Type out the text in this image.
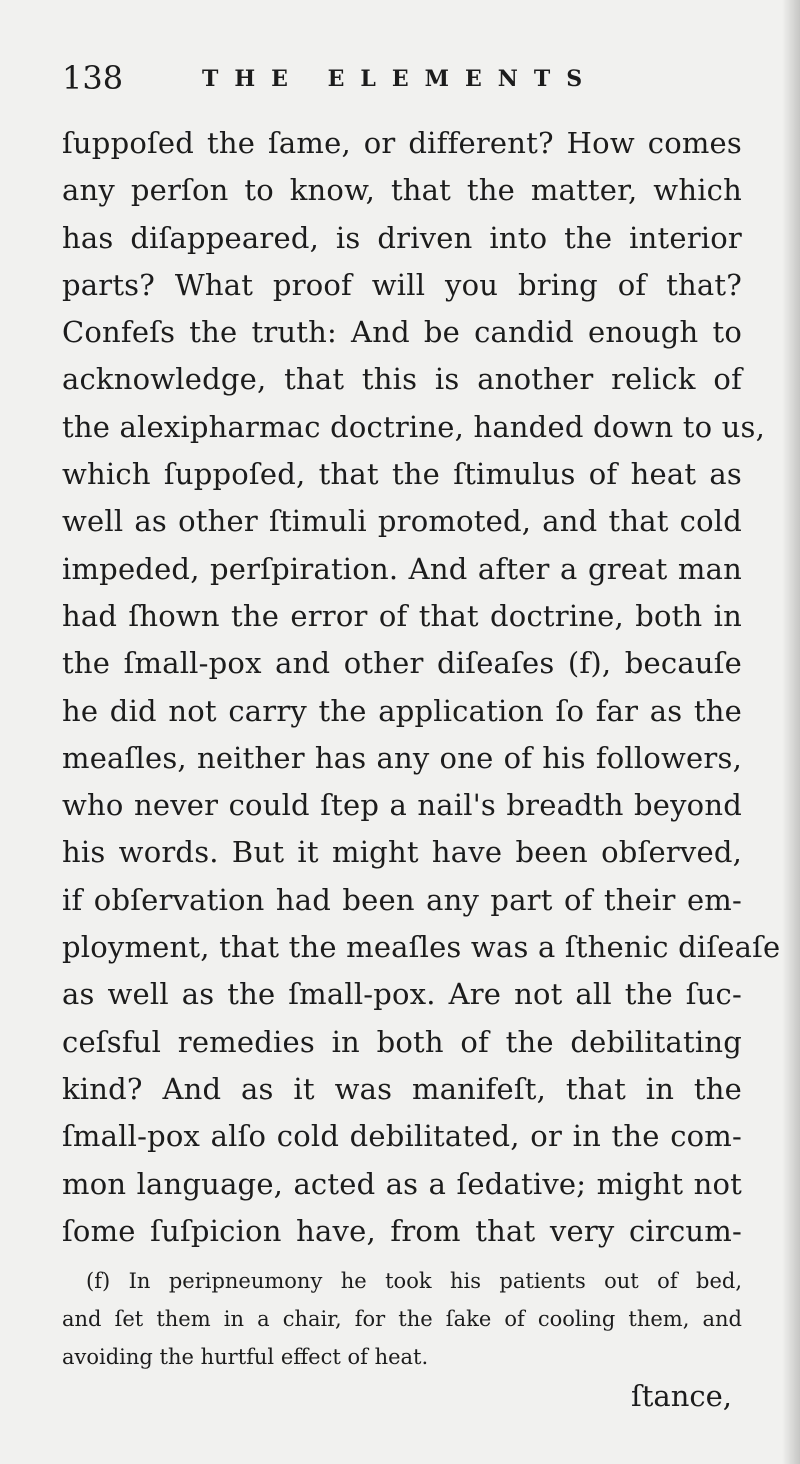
138	THE ELEMENTS
ſuppoſed the ſame, or different? How comes
any perſon to know, that the matter, which
has diſappeared, is driven into the interior
parts? What proof will you bring of that?
Confeſs the truth: And be candid enough to
acknowledge, that this is another relick of
the alexipharmac doctrine, handed down to us,
which ſuppoſed, that the ſtimulus of heat as
well as other ſtimuli promoted, and that cold
impeded, perſpiration. And after a great man
had ſhown the error of that doctrine, both in
the ſmall-pox and other diſeaſes (f), becauſe
he did not carry the application ſo far as the
meaſles, neither has any one of his followers,
who never could ſtep a nail's breadth beyond
his words. But it might have been obſerved,
if obſervation had been any part of their em-
ployment, that the meaſles was a ſthenic diſeaſe
as well as the ſmall-pox. Are not all the ſuc-
ceſsful remedies in both of the debilitating
kind? And as it was manifeſt, that in the
ſmall-pox alſo cold debilitated, or in the com-
mon language, acted as a ſedative; might not
ſome ſuſpicion have, from that very circum-
(f) In peripneumony he took his patients out of bed,
and ſet them in a chair, for the ſake of cooling them, and
avoiding the hurtful effect of heat.
ſtance,
